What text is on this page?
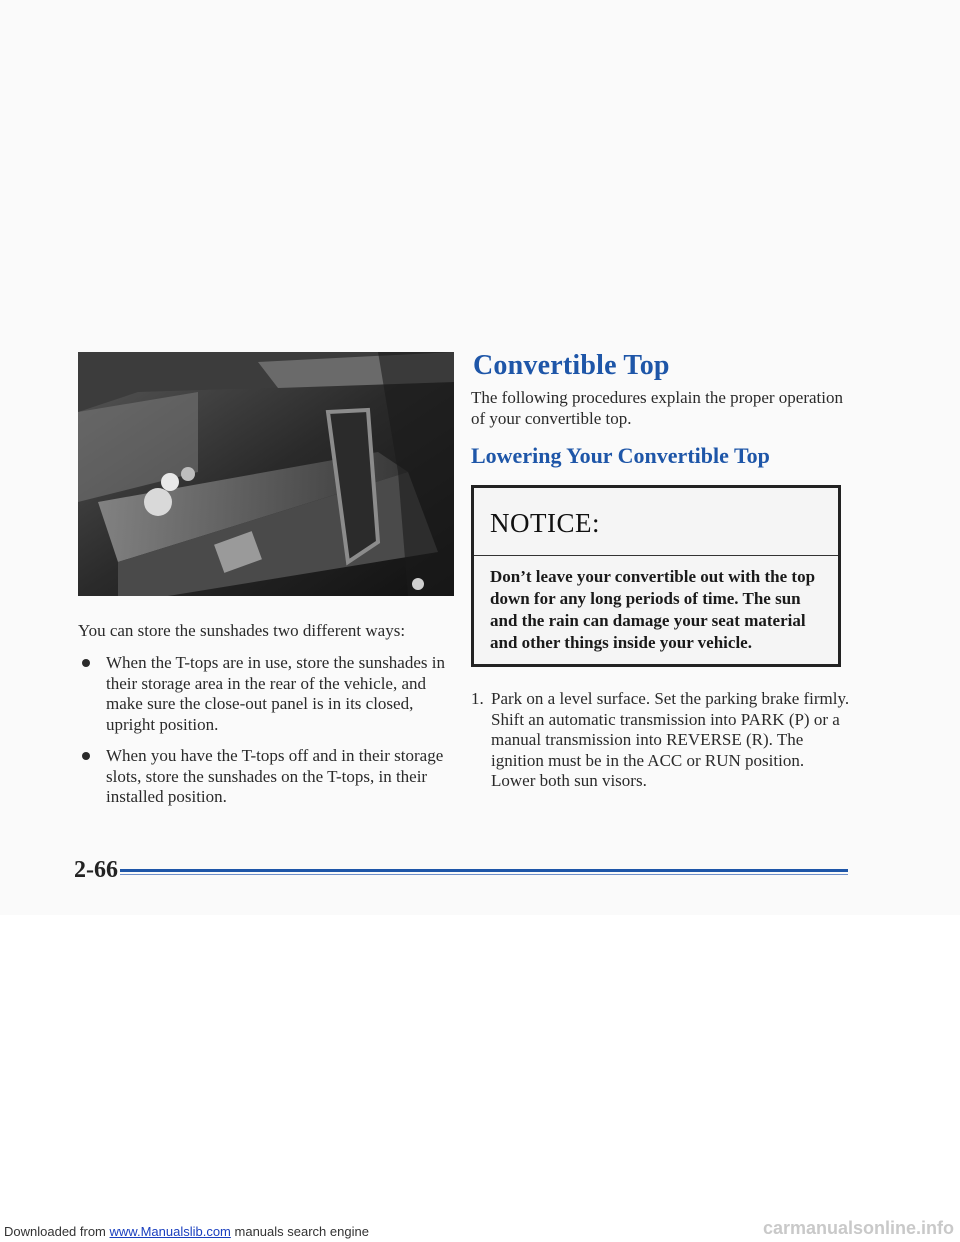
You can store the sunshades two different ways:

When the T-tops are in use, store the sunshades in their storage area in the rear of the vehicle, and make sure the close-out panel is in its closed, upright position.
When you have the T-tops off and in their storage slots, store the sunshades on the T-tops, in their installed position.
Convertible Top

The following procedures explain the proper operation of your convertible top.

Lowering Your Convertible Top
NOTICE:
Don’t leave your convertible out with the top down for any long periods of time. The sun and the rain can damage your seat material and other things inside your vehicle.
1. Park on a level surface. Set the parking brake firmly. Shift an automatic transmission into PARK (P) or a manual transmission into REVERSE (R). The ignition must be in the ACC or RUN position. Lower both sun visors.
2-66
Downloaded from www.Manualslib.com manuals search engine	carmanualsonline.info
